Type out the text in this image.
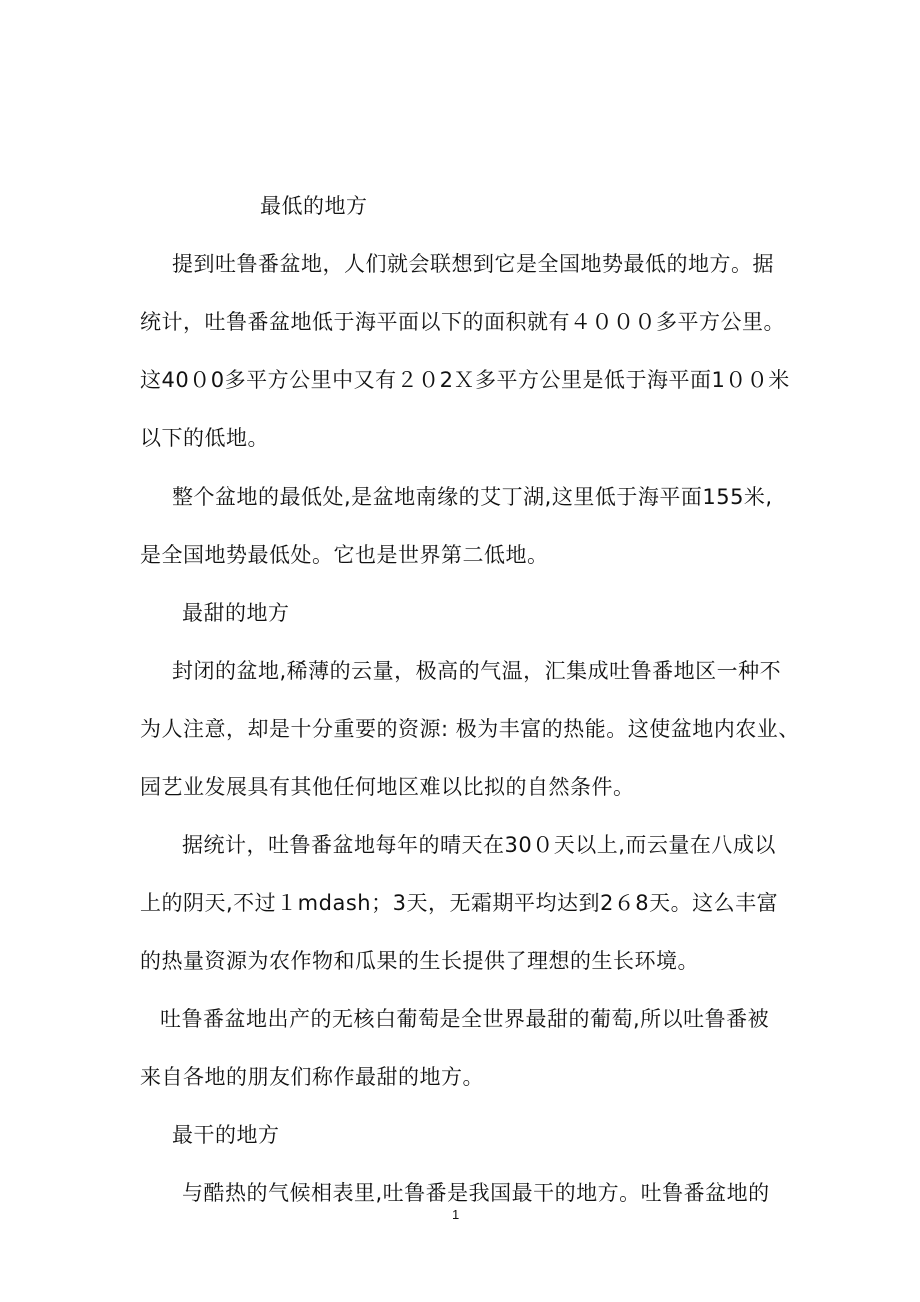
最低的地方
提到吐鲁番盆地，人们就会联想到它是全国地势最低的地方。据
统计，吐鲁番盆地低于海平面以下的面积就有４０００多平方公里。
这40０0多平方公里中又有２０2Ｘ多平方公里是低于海平面1００米
以下的低地。
整个盆地的最低处,是盆地南缘的艾丁湖,这里低于海平面155米,
是全国地势最低处。它也是世界第二低地。
最甜的地方
封闭的盆地,稀薄的云量，极高的气温，汇集成吐鲁番地区一种不
为人注意，却是十分重要的资源: 极为丰富的热能。这使盆地内农业、
园艺业发展具有其他任何地区难以比拟的自然条件。
据统计，吐鲁番盆地每年的晴天在30０天以上,而云量在八成以
上的阴天,不过１mdash；3天，无霜期平均达到2６8天。这么丰富
的热量资源为农作物和瓜果的生长提供了理想的生长环境。
吐鲁番盆地出产的无核白葡萄是全世界最甜的葡萄,所以吐鲁番被
来自各地的朋友们称作最甜的地方。
最干的地方
与酷热的气候相表里,吐鲁番是我国最干的地方。吐鲁番盆地的
1
